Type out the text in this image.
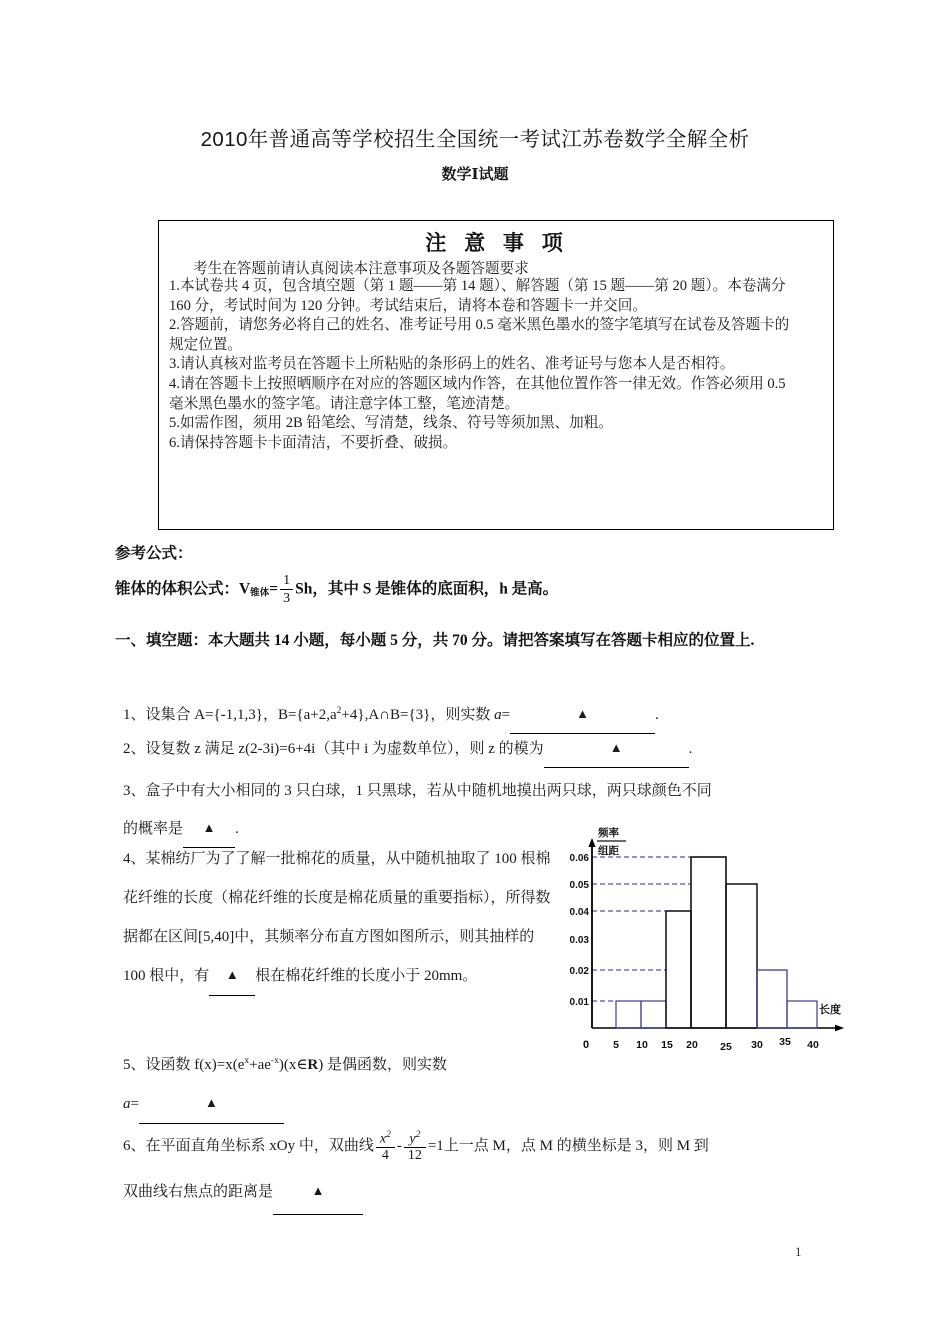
2010年普通高等学校招生全国统一考试江苏卷数学全解全析
数学Ⅰ试题
注 意 事 项
考生在答题前请认真阅读本注意事项及各题答题要求
1.本试卷共 4 页，包含填空题（第 1 题——第 14 题）、解答题（第 15 题——第 20 题）。本卷满分
160 分，考试时间为 120 分钟。考试结束后，请将本卷和答题卡一并交回。
2.答题前，请您务必将自己的姓名、准考证号用 0.5 毫米黑色墨水的签字笔填写在试卷及答题卡的
规定位置。
3.请认真核对监考员在答题卡上所粘贴的条形码上的姓名、准考证号与您本人是否相符。
4.请在答题卡上按照晒顺序在对应的答题区域内作答，在其他位置作答一律无效。作答必须用 0.5
毫米黑色墨水的签字笔。请注意字体工整，笔迹清楚。
5.如需作图，须用 2B 铅笔绘、写清楚，线条、符号等须加黑、加粗。
6.请保持答题卡卡面清洁，不要折叠、破损。
参考公式：
锥体的体积公式：V锥体= $\frac{1}{3}$ Sh，其中 S 是锥体的底面积，h 是高。
一、填空题：本大题共 14 小题，每小题 5 分，共 70 分。请把答案填写在答题卡相应的位置上.
1、设集合 A={-1,1,3}，$B=\{a+2,a^2+4\},A\cap B=\{3\}$，则实数 a=	▲	.
2、设复数 z 满足 z(2-3i)=6+4i（其中 i 为虚数单位），则 z 的模为	▲	.
3、盒子中有大小相同的 3 只白球，1 只黑球，若从中随机地摸出两只球，两只球颜色不同
的概率是 ▲ .
4、某棉纺厂为了了解一批棉花的质量，从中随机抽取了 100 根棉花纤维的长度（棉花纤维的长度是棉花质量的重要指标），所得数据都在区间[5,40]中，其频率分布直方图如图所示，则其抽样的 100 根中，有 ▲ 根在棉花纤维的长度小于 20mm。
0.06
0.05
0.04
0.03
0.02
0.01
0 5 10 15 20 25 30 35 40
频率
组距
长度
5、设函数 $f(x)=x(e^x+ae^{-x})(x\in R)$ 是偶函数，则实数
a=	▲
6、在平面直角坐标系 xOy 中，双曲线 $\frac{x^2}{4} - \frac{y^2}{12} =1$上一点 M，点 M 的横坐标是 3，则 M 到
双曲线右焦点的距离是	▲
1
